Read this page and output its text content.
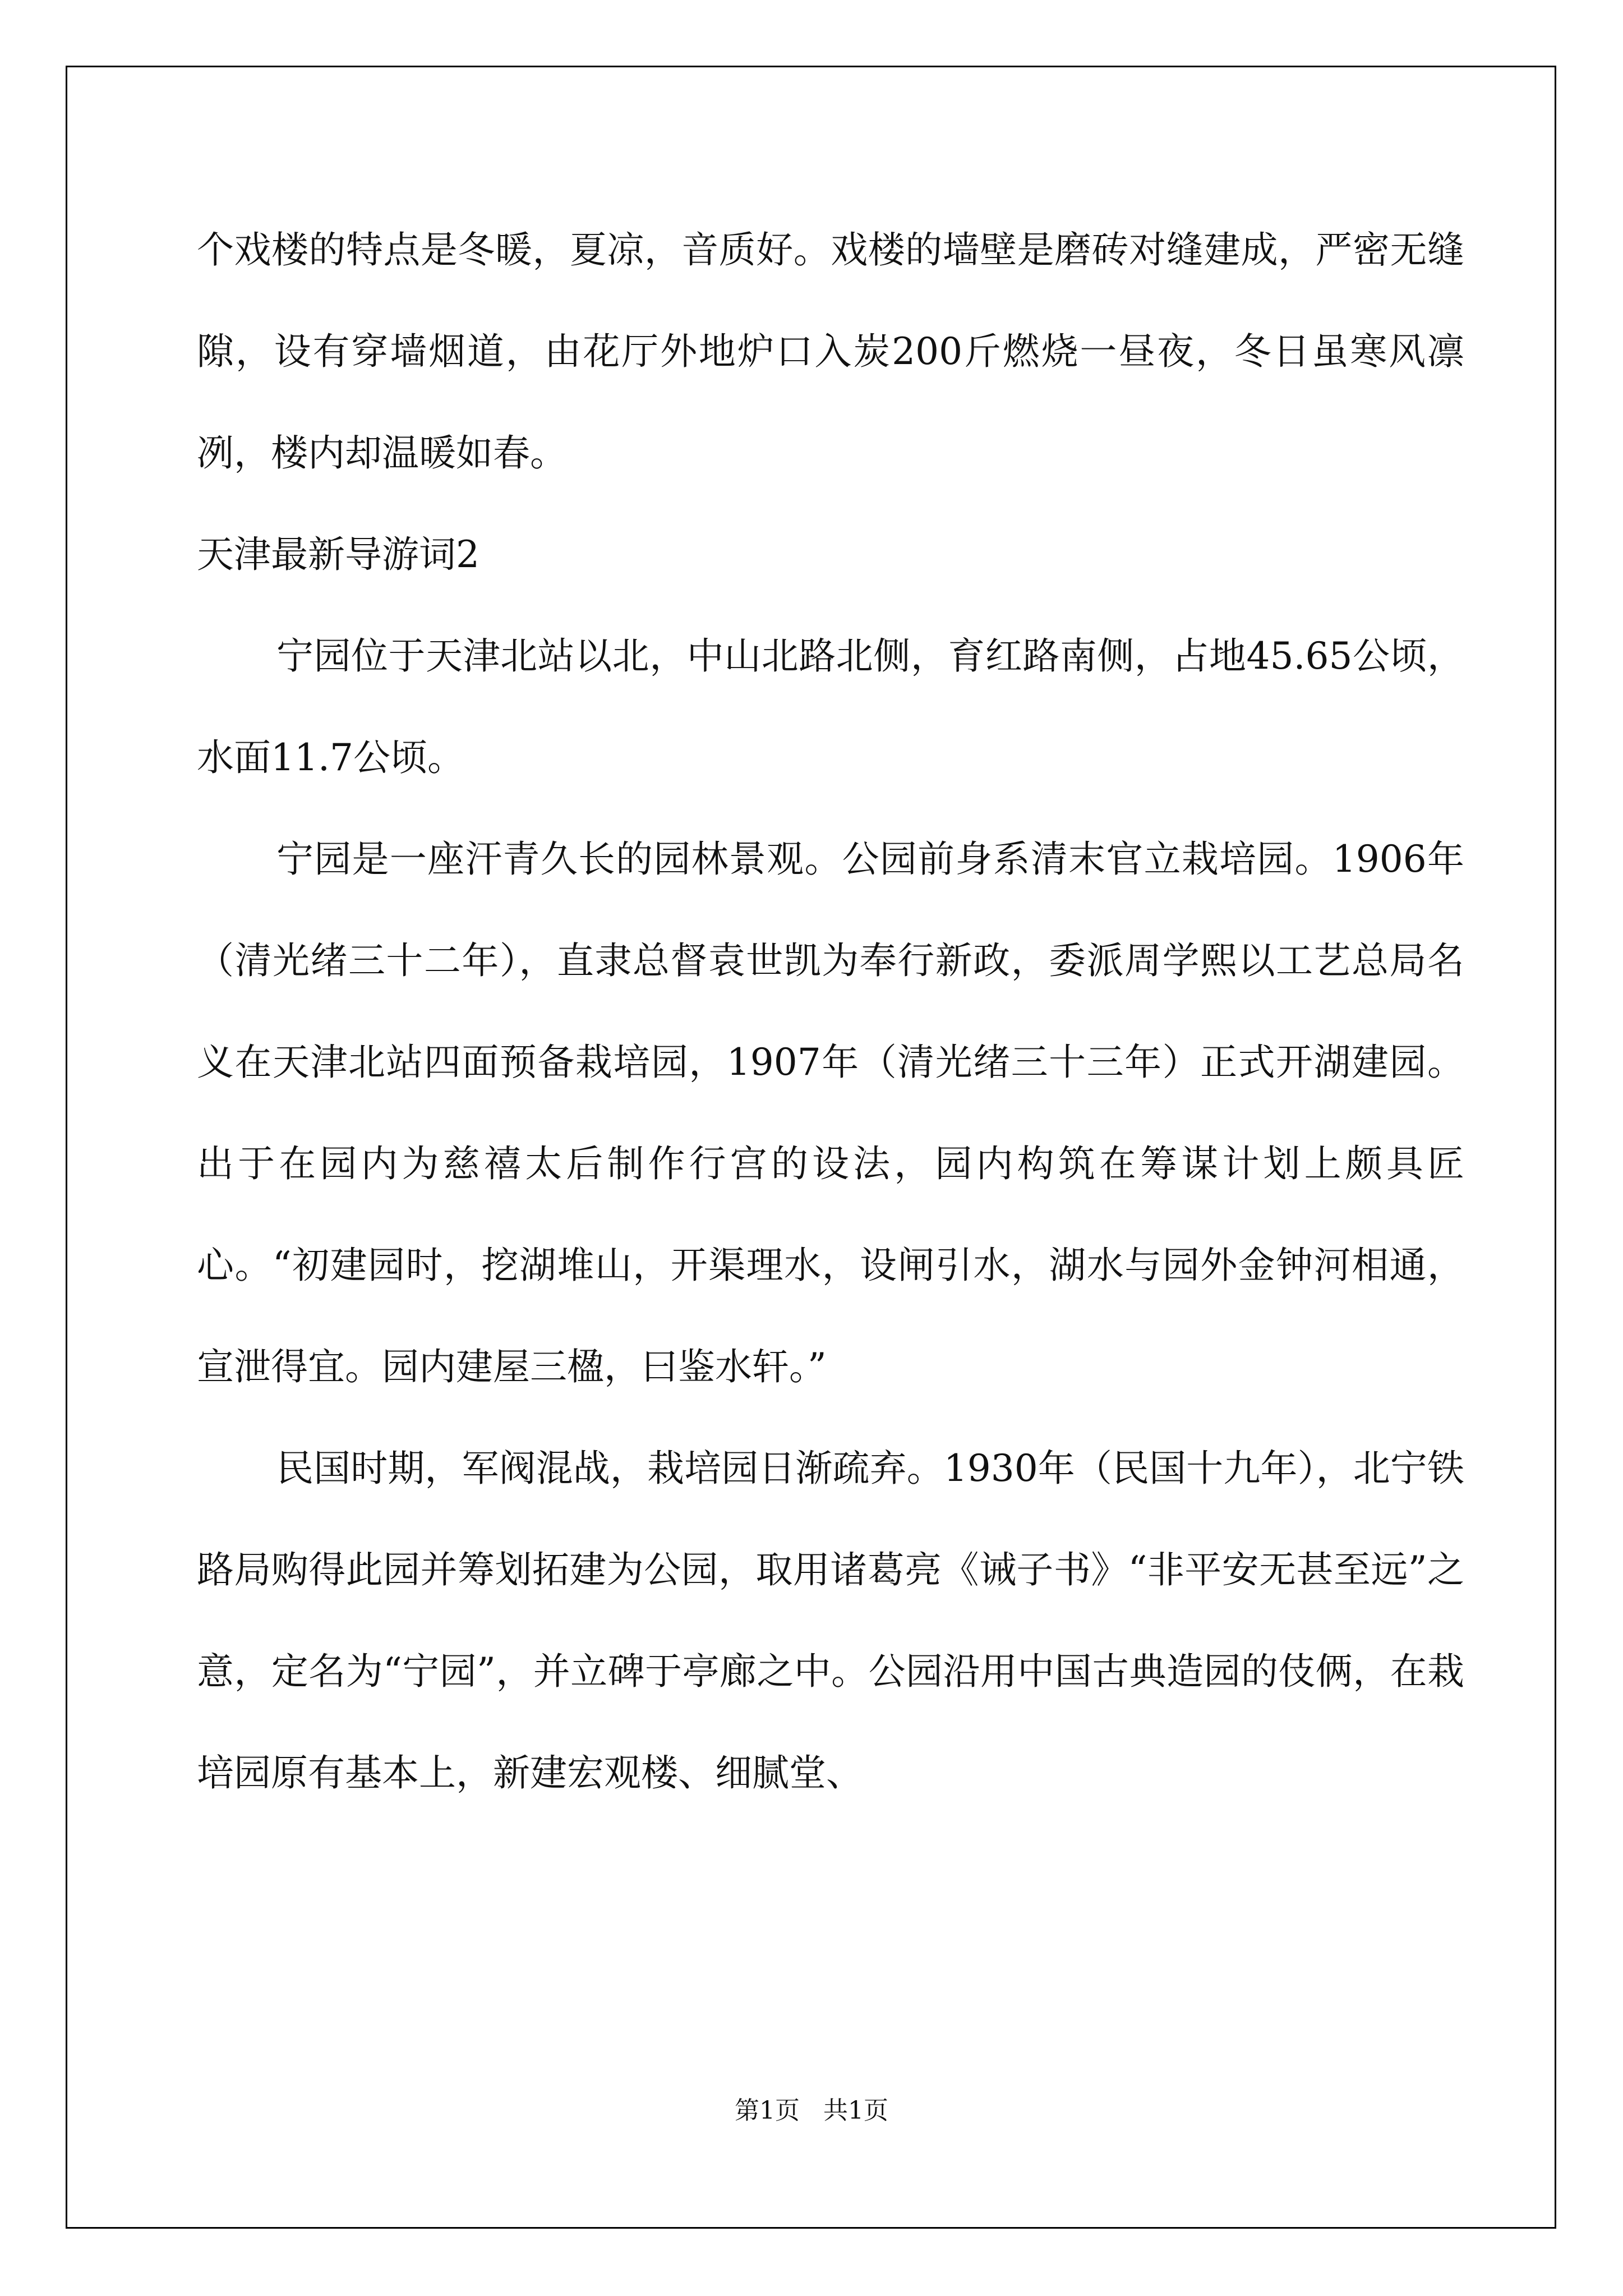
个戏楼的特点是冬暖，夏凉，音质好。戏楼的墙壁是磨砖对缝建成，严密无缝隙，设有穿墙烟道，由花厅外地炉口入炭200斤燃烧一昼夜，冬日虽寒风凛冽，楼内却温暖如春。

天津最新导游词2

宁园位于天津北站以北，中山北路北侧，育红路南侧，占地45.65公顷，水面11.7公顷。

宁园是一座汗青久长的园林景观。公园前身系清末官立栽培园。1906年（清光绪三十二年），直隶总督袁世凯为奉行新政，委派周学熙以工艺总局名义在天津北站四面预备栽培园，1907年（清光绪三十三年）正式开湖建园。出于在园内为慈禧太后制作行宫的设法，园内构筑在筹谋计划上颇具匠心。“初建园时，挖湖堆山，开渠理水，设闸引水，湖水与园外金钟河相通，宣泄得宜。园内建屋三楹，曰鉴水轩。”

民国时期，军阀混战，栽培园日渐疏弃。1930年（民国十九年），北宁铁路局购得此园并筹划拓建为公园，取用诸葛亮《诫子书》“非平安无甚至远”之意，定名为“宁园”，并立碑于亭廊之中。公园沿用中国古典造园的伎俩，在栽培园原有基本上，新建宏观楼、细腻堂、

第1页   共1页
